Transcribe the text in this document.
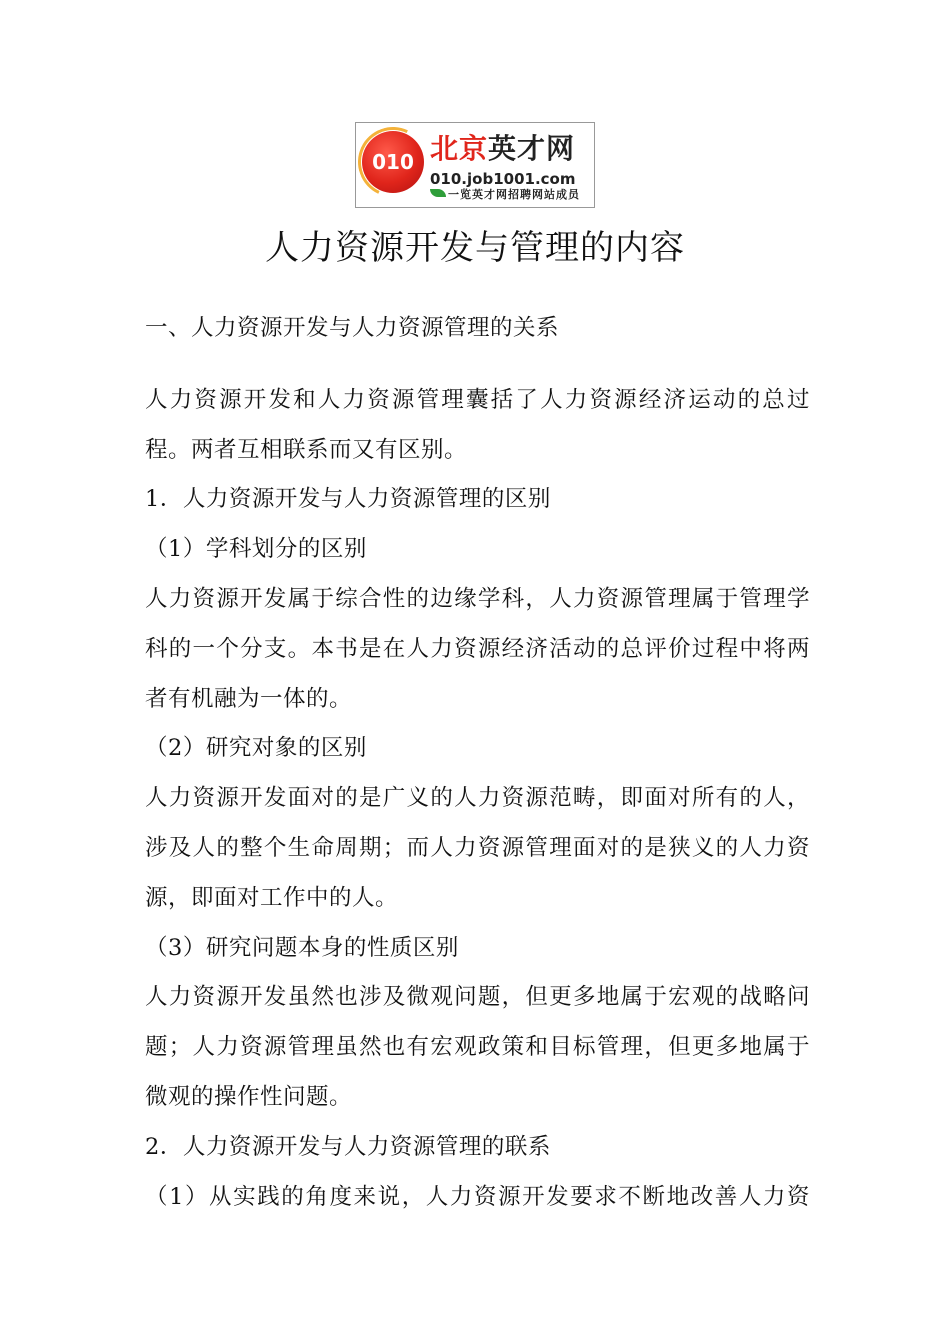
010 北京英才网
010.job1001.com
一览英才网招聘网站成员
人力资源开发与管理的内容
一、人力资源开发与人力资源管理的关系
人力资源开发和人力资源管理囊括了人力资源经济运动的总过
程。两者互相联系而又有区别。
1．人力资源开发与人力资源管理的区别
（1）学科划分的区别
人力资源开发属于综合性的边缘学科，人力资源管理属于管理学
科的一个分支。本书是在人力资源经济活动的总评价过程中将两
者有机融为一体的。
（2）研究对象的区别
人力资源开发面对的是广义的人力资源范畴，即面对所有的人，
涉及人的整个生命周期；而人力资源管理面对的是狭义的人力资
源，即面对工作中的人。
（3）研究问题本身的性质区别
人力资源开发虽然也涉及微观问题，但更多地属于宏观的战略问
题；人力资源管理虽然也有宏观政策和目标管理，但更多地属于
微观的操作性问题。
2．人力资源开发与人力资源管理的联系
（1）从实践的角度来说，人力资源开发要求不断地改善人力资
